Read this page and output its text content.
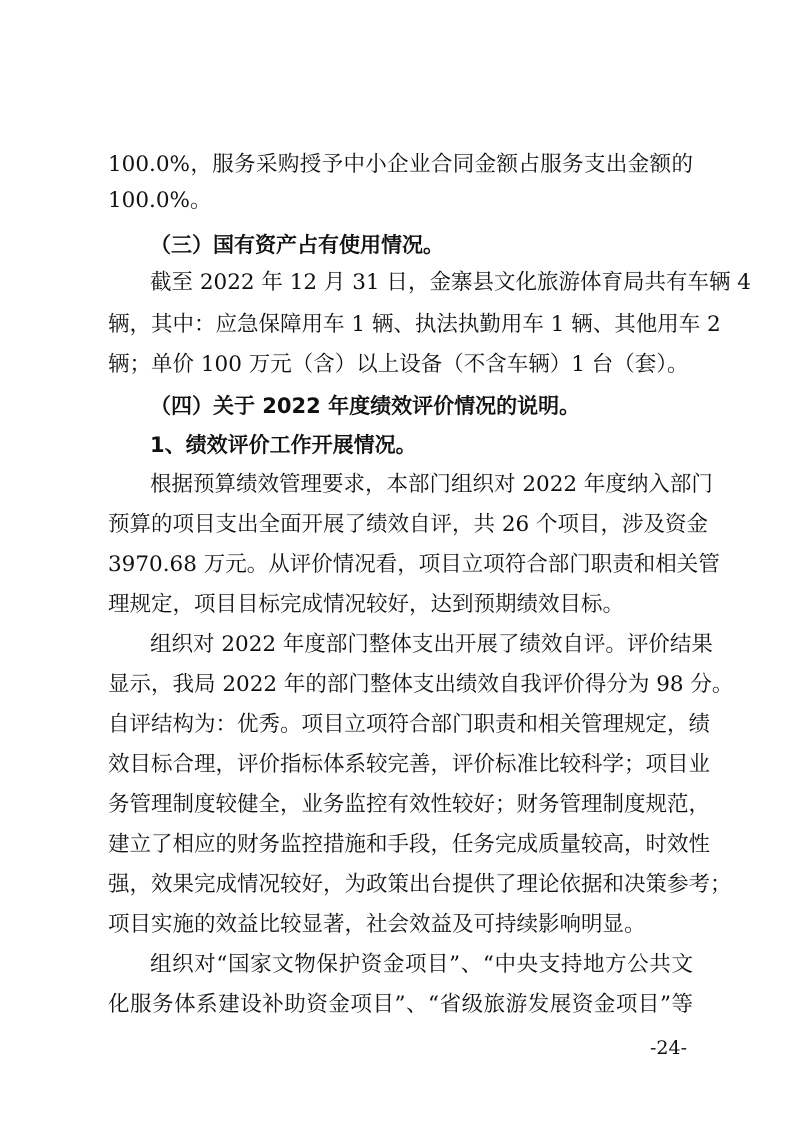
100.0%，服务采购授予中小企业合同金额占服务支出金额的
100.0%。
（三）国有资产占有使用情况。
截至 2022 年 12 月 31 日，金寨县文化旅游体育局共有车辆 4
辆，其中：应急保障用车 1 辆、执法执勤用车 1 辆、其他用车 2
辆；单价 100 万元（含）以上设备（不含车辆）1 台（套）。
（四）关于 2022 年度绩效评价情况的说明。
1、绩效评价工作开展情况。
根据预算绩效管理要求，本部门组织对 2022 年度纳入部门
预算的项目支出全面开展了绩效自评，共 26 个项目，涉及资金
3970.68 万元。从评价情况看，项目立项符合部门职责和相关管
理规定，项目目标完成情况较好，达到预期绩效目标。
组织对 2022 年度部门整体支出开展了绩效自评。评价结果
显示，我局 2022 年的部门整体支出绩效自我评价得分为 98 分。
自评结构为：优秀。项目立项符合部门职责和相关管理规定，绩
效目标合理，评价指标体系较完善，评价标准比较科学；项目业
务管理制度较健全，业务监控有效性较好；财务管理制度规范，
建立了相应的财务监控措施和手段，任务完成质量较高，时效性
强，效果完成情况较好，为政策出台提供了理论依据和决策参考；
项目实施的效益比较显著，社会效益及可持续影响明显。
组织对“国家文物保护资金项目”、“中央支持地方公共文
化服务体系建设补助资金项目”、“省级旅游发展资金项目”等
-24-
